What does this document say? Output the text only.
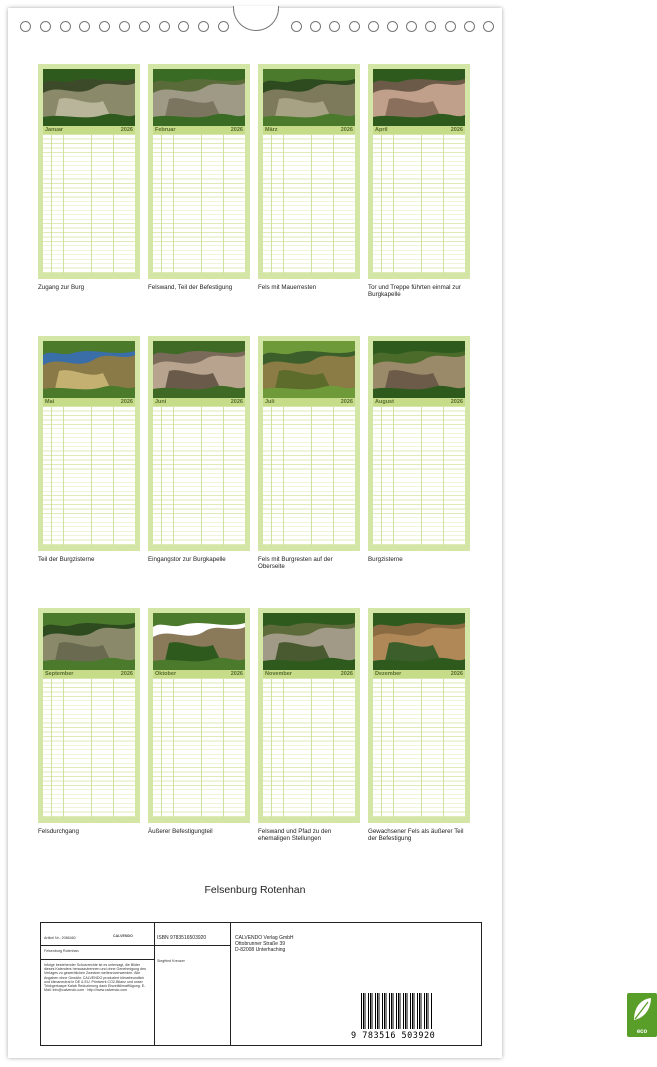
Januar	2026
Zugang zur Burg
Februar	2026
Felswand, Teil der Befestigung
März	2026
Fels mit Mauerresten
April	2026
Tor und Treppe führten einmal zur Burgkapelle
Mai	2026
Teil der Burgzisterne
Juni	2026
Eingangstor zur Burgkapelle
Juli	2026
Fels mit Burgresten auf der Oberseite
August	2026
Burgzisterne
September	2026
Felsdurchgang
Oktober	2026
Äußerer Befestigungteil
November	2026
Felswand und Pfad zu den ehemaligen Stellungen
Dezember	2026
Gewachsener Fels als äußerer Teil der Befestigung
Felsenburg Rotenhan
Artikel Nr.: 2086460	CALVENDO
Felsenburg Rotenhan
Infolge bestehender Schutzrechte ist es untersagt, die Bilder dieses Kalenders herauszutrennen und ohne Genehmigung des Verlages zu gewerblichen Zwecken weiterzuverwenden. Alle Angaben ohne Gewähr. CALVENDO produziert klimafreundlich und klimaneutral in DE & EU. Printwerk CO2-Bilanz und unser Trinkgerkaspe Kalab Reduzierung dank Eiszeitklimatflügung. E-Mail: info@calvendo.com · http://www.calvendo.com
ISBN 9783516503920
Siegfried Kreuzer
CALVENDO Verlag GmbH
Ottobrunner Straße 39
D-82008 Unterhaching
9 783516 503920	eco
